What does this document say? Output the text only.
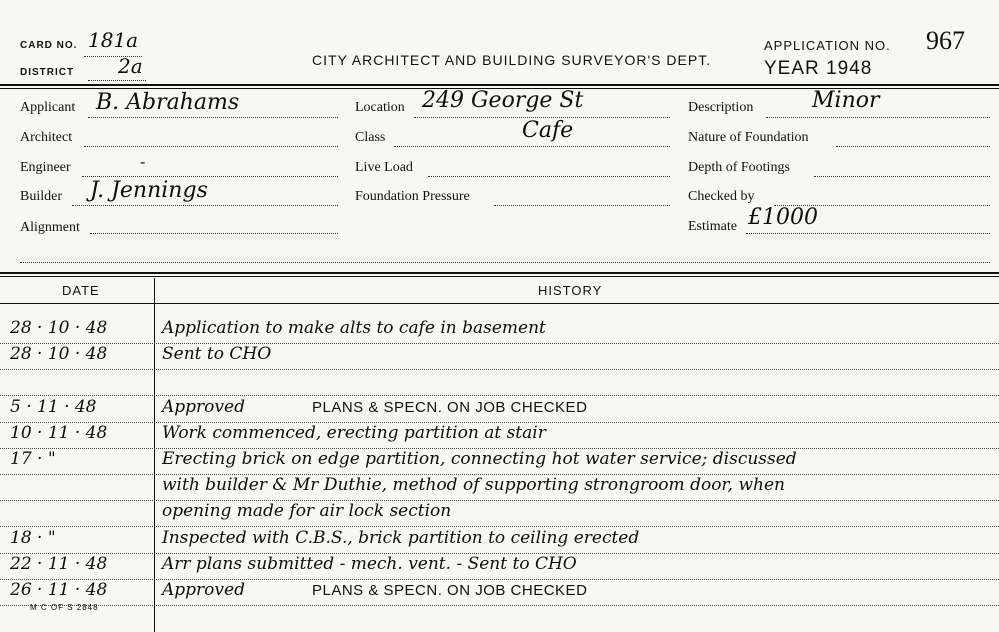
CARD NO. 181a
DISTRICT 2a	CITY ARCHITECT AND BUILDING SURVEYOR'S DEPT.
APPLICATION NO. 967
YEAR 1948
Applicant B. Abrahams
Architect
Engineer	-
Builder J. Jennings
Alignment
Location 249 George St
Class	Cafe
Live Load
Foundation Pressure
Description	Minor
Nature of Foundation
Depth of Footings
Checked by
Estimate £1000
DATE	HISTORY
28 · 10 · 48	Application to make alts to cafe in basement
28 · 10 · 48	Sent to CHO
5 · 11 · 48	Approved	PLANS & SPECN. ON JOB CHECKED
10 · 11 · 48	Work commenced, erecting partition at stair
17 · "	Erecting brick on edge partition, connecting hot water service; discussed
with builder & Mr Duthie, method of supporting strongroom door, when
opening made for air lock section
18 · "	Inspected with C.B.S., brick partition to ceiling erected
22 · 11 · 48	Arr plans submitted - mech. vent. - Sent to CHO
26 · 11 · 48	Approved	PLANS & SPECN. ON JOB CHECKED
M C OF S 2848
